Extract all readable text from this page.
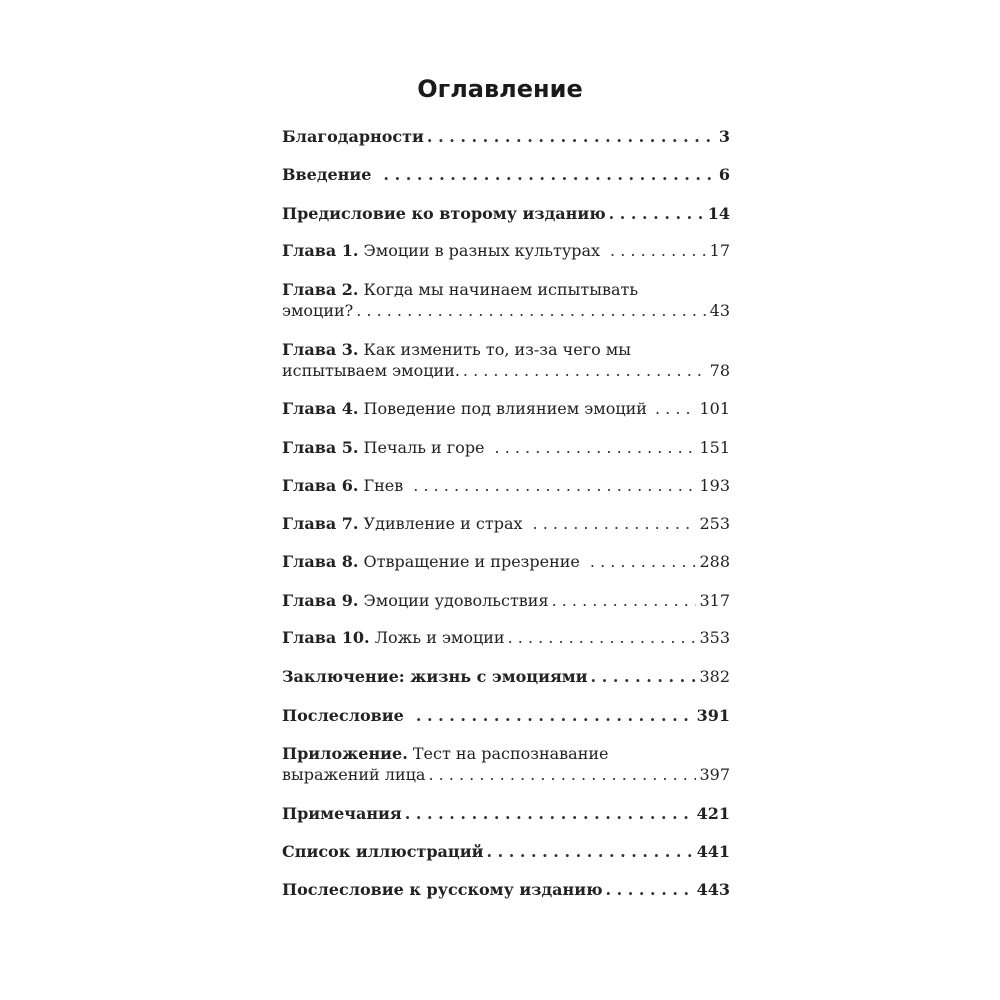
Оглавление
Благодарности . . .	3
Введение . . .	6
Предисловие ко второму изданию . . .	14
Глава 1. Эмоции в разных культурах . . .	17
Глава 2. Когда мы начинаем испытывать
эмоции? . . .	43
Глава 3. Как изменить то, из-за чего мы
испытываем эмоции. . . .	78
Глава 4. Поведение под влиянием эмоций . . .	101
Глава 5. Печаль и горе . . .	151
Глава 6. Гнев . . .	193
Глава 7. Удивление и страх . . .	253
Глава 8. Отвращение и презрение . . .	288
Глава 9. Эмоции удовольствия . . .	317
Глава 10. Ложь и эмоции . . .	353
Заключение: жизнь с эмоциями . . .	382
Послесловие . . .	391
Приложение. Тест на распознавание
выражений лица . . .	397
Примечания . . .	421
Список иллюстраций . . .	441
Послесловие к русскому изданию . . .	443
